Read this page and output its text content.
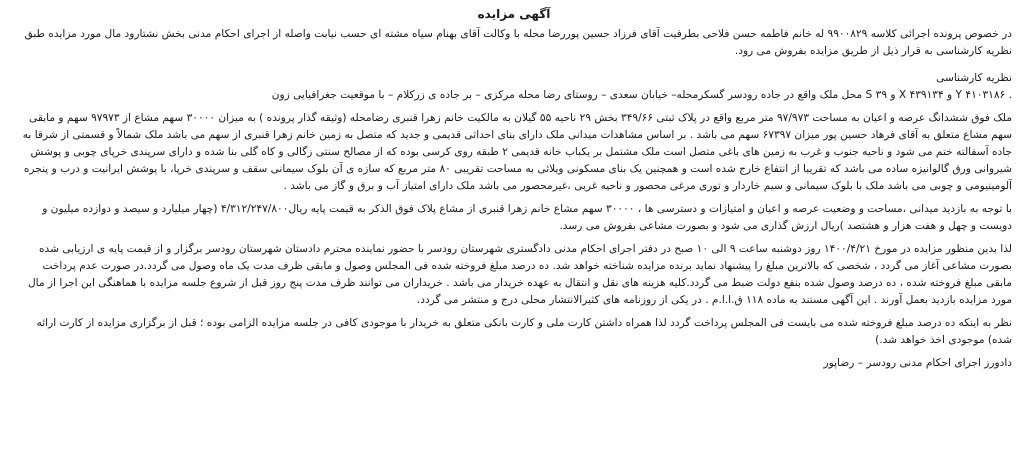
آگهی مزایده

در خصوص پرونده اجرائی کلاسه ۹۹۰۰۸۲۹ له خانم فاطمه حسن فلاحی بطرفیت آقای فرزاد حسین پوررضا محله با وکالت آقای بهنام سیاه مشته ای حسب نیابت واصله از اجرای احکام مدنی بخش نشتارود مال مورد مزایده طبق نظریه کارشناسی به قرار ذیل از طریق مزایده بفروش می رود.

نظریه کارشناسی

. ۴۱۰۳۱۸۶ Y و ۴۳۹۱۳۴ X و ۳۹ S محل ملک واقع در جاده رودسر گسکرمحله– خیابان سعدی – روستای رضا محله مرکزی – بر جاده ی زرکلام – با موقعیت جغرافیایی زون

ملک فوق ششدانگ عرصه و اعیان به مساحت ۹۷/۹۷۳ متر مربع واقع در پلاک ثبتی ۳۴۹/۶۶ بخش ۲۹ ناحیه ۵۵ گیلان به مالکیت خانم زهرا قنبری رضامحله (وثیقه گذار پرونده ) به میزان ۳۰۰۰۰ سهم مشاع از ۹۷۹۷۳ سهم و مابقی سهم مشاع متعلق به آقای فرهاد حسین پور میزان ۶۷۳۹۷ سهم می باشد . بر اساس مشاهدات میدانی ملک دارای بنای احداثی قدیمی و جدید که متصل به زمین خانم زهرا قنبری از سهم می باشد ملک شمالاً و قسمتی از شرقا به جاده آسفالته ختم می شود و ناحیه جنوب و غرب به زمین های باغی متصل است ملک مشتمل بر یکباب خانه قدیمی ۲ طبقه روی کرسی بوده که از مصالح سنتی زگالی و کاه گلی بنا شده و دارای سرپندی خرپای چوبی و پوشش شیروانی ورق گالوانیزه ساده می باشد که تقریبا از انتفاع خارج شده است و همچنین یک بنای مسکونی ویلائی به مساحت تقریبی ۸۰ متر مربع که سازه ی آن بلوک سیمانی سقف و سرپندی خرپا، با پوشش ایرانیت و درب و پنجره آلومینیومی و چوبی می باشد ملک با بلوک سیمانی و سیم خاردار و توری مرغی محصور و ناحیه غربی ،غیرمحصور می باشد ملک دارای امتیاز آب و برق و گاز می باشد .

با توجه به بازدید میدانی ،مساحت و وضعیت عرصه و اعیان و امتیازات و دسترسی ها ، ۳۰۰۰۰ سهم مشاع خانم زهرا قنبری از مشاع پلاک فوق الذکر به قیمت پایه ریال۴/۳۱۲/۲۴۷/۸۰۰ (چهار میلیارد و سیصد و دوازده میلیون و دویست و چهل و هفت هزار و هشتصد )ریال ارزش گذاری می شود و بصورت مشاعی بفروش می رسد.

لذا بدین منظور مزایده در مورخ ۱۴۰۰/۴/۲۱ روز دوشنبه ساعت ۹ الی ۱۰ صبح در دفتر اجرای احکام مدنی دادگستری شهرستان رودسر با حضور نماینده محترم دادستان شهرستان رودسر برگزار و از قیمت پایه ی ارزیابی شده بصورت مشاعی آغاز می گردد ، شخصی که بالاترین مبلغ را پیشنهاد نماید برنده مزایده شناخته خواهد شد. ده درصد مبلغ فروخته شده فی المجلس وصول و مابقی ظرف مدت یک ماه وصول می گردد.در صورت عدم پرداخت مابقی مبلغ فروخته شده ، ده درصد وصول شده بنفع دولت ضبط می گردد.کلیه هزینه های نقل و انتقال به عهده خریدار می باشد . خریداران می توانند ظرف مدت پنج روز قبل از شروع جلسه مزایده با هماهنگی این اجرا از مال مورد مزایده بازدید بعمل آورند . این آگهی مستند به ماده ۱۱۸ ق.ا.ا.م . در یکی از روزنامه های کثیرالانتشار محلی درج و منتشر می گردد.

نظر به اینکه ده درصد مبلغ فروخته شده می بایست فی المجلس پرداخت گردد لذا همراه داشتن کارت ملی و کارت بانکی متعلق به خریدار با موجودی کافی در جلسه مزایده الزامی بوده ؛ قبل از برگزاری مزایده از کارت ارائه شده) موجودی اخذ خواهد شد.)

دادورز اجرای احکام مدنی رودسر – رضاپور
